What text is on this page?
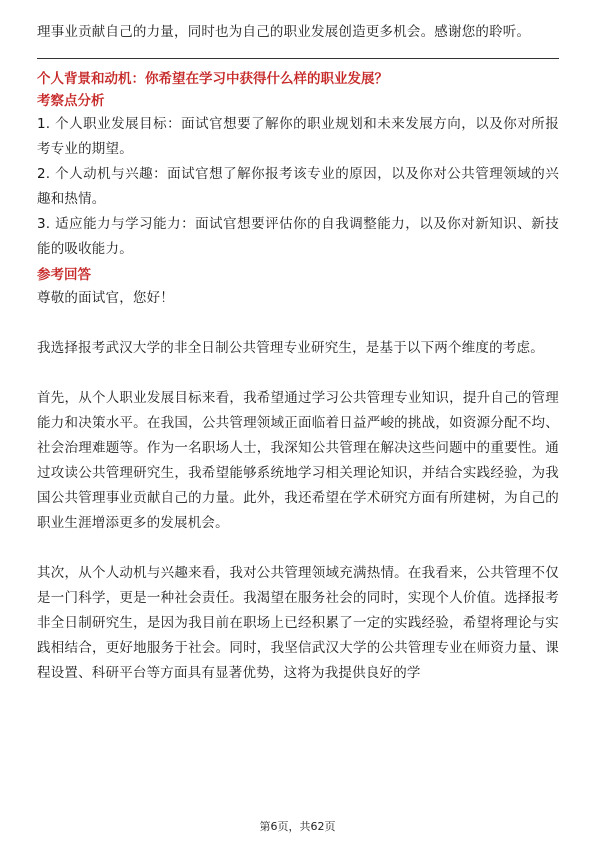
理事业贡献自己的力量，同时也为自己的职业发展创造更多机会。感谢您的聆听。

个人背景和动机：你希望在学习中获得什么样的职业发展？

考察点分析

1. 个人职业发展目标：面试官想要了解你的职业规划和未来发展方向，以及你对所报考专业的期望。

2. 个人动机与兴趣：面试官想了解你报考该专业的原因，以及你对公共管理领域的兴趣和热情。

3. 适应能力与学习能力：面试官想要评估你的自我调整能力，以及你对新知识、新技能的吸收能力。

参考回答

尊敬的面试官，您好！

我选择报考武汉大学的非全日制公共管理专业研究生，是基于以下两个维度的考虑。

首先，从个人职业发展目标来看，我希望通过学习公共管理专业知识，提升自己的管理能力和决策水平。在我国，公共管理领域正面临着日益严峻的挑战，如资源分配不均、社会治理难题等。作为一名职场人士，我深知公共管理在解决这些问题中的重要性。通过攻读公共管理研究生，我希望能够系统地学习相关理论知识，并结合实践经验，为我国公共管理事业贡献自己的力量。此外，我还希望在学术研究方面有所建树，为自己的职业生涯增添更多的发展机会。

其次，从个人动机与兴趣来看，我对公共管理领域充满热情。在我看来，公共管理不仅是一门科学，更是一种社会责任。我渴望在服务社会的同时，实现个人价值。选择报考非全日制研究生，是因为我目前在职场上已经积累了一定的实践经验，希望将理论与实践相结合，更好地服务于社会。同时，我坚信武汉大学的公共管理专业在师资力量、课程设置、科研平台等方面具有显著优势，这将为我提供良好的学

第6页，共62页
